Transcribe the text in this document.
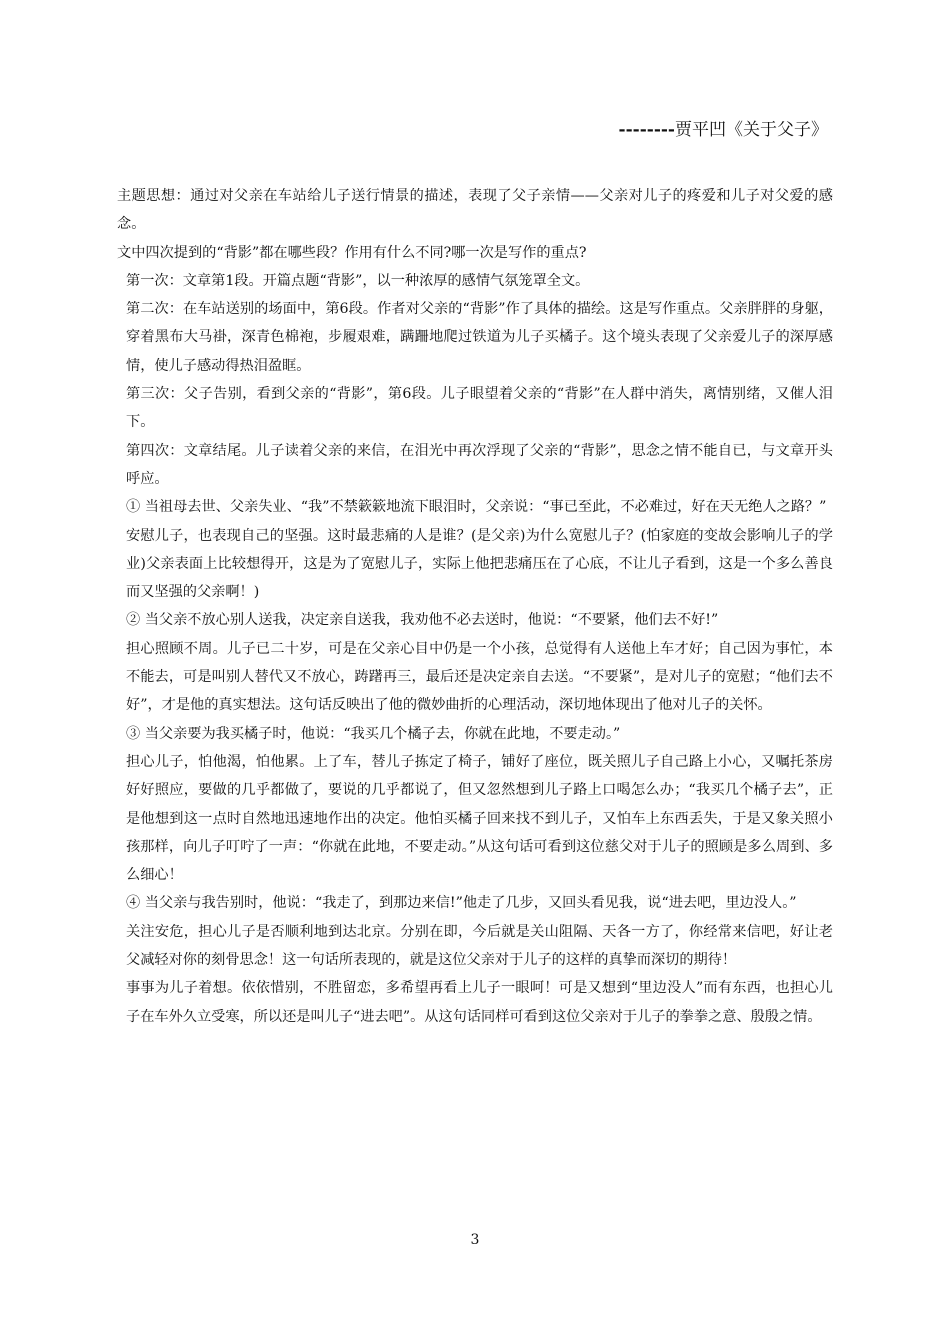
--------贾平凹《关于父子》

主题思想：通过对父亲在车站给儿子送行情景的描述，表现了父子亲情——父亲对儿子的疼爱和儿子对父爱的感念。

文中四次提到的“背影”都在哪些段？作用有什么不同?哪一次是写作的重点?

第一次：文章第1段。开篇点题“背影”，以一种浓厚的感情气氛笼罩全文。

第二次：在车站送别的场面中，第6段。作者对父亲的“背影”作了具体的描绘。这是写作重点。父亲胖胖的身躯，穿着黑布大马褂，深青色棉袍，步履艰难，蹒跚地爬过铁道为儿子买橘子。这个境头表现了父亲爱儿子的深厚感情，使儿子感动得热泪盈眶。

第三次：父子告别，看到父亲的“背影”，第6段。儿子眼望着父亲的“背影”在人群中消失，离情别绪，又催人泪下。

第四次：文章结尾。儿子读着父亲的来信，在泪光中再次浮现了父亲的“背影”，思念之情不能自已，与文章开头呼应。

① 当祖母去世、父亲失业、“我”不禁簌簌地流下眼泪时，父亲说：“事已至此，不必难过，好在天无绝人之路？”

安慰儿子，也表现自己的坚强。这时最悲痛的人是谁？(是父亲)为什么宽慰儿子？(怕家庭的变故会影响儿子的学业)父亲表面上比较想得开，这是为了宽慰儿子，实际上他把悲痛压在了心底，不让儿子看到，这是一个多么善良而又坚强的父亲啊！)

② 当父亲不放心别人送我，决定亲自送我，我劝他不必去送时，他说：“不要紧，他们去不好!”

担心照顾不周。儿子已二十岁，可是在父亲心目中仍是一个小孩，总觉得有人送他上车才好；自己因为事忙，本不能去，可是叫别人替代又不放心，踌躇再三，最后还是决定亲自去送。“不要紧”，是对儿子的宽慰；“他们去不好”，才是他的真实想法。这句话反映出了他的微妙曲折的心理活动，深切地体现出了他对儿子的关怀。

③ 当父亲要为我买橘子时，他说：“我买几个橘子去，你就在此地，不要走动。”

担心儿子，怕他渴，怕他累。上了车，替儿子拣定了椅子，铺好了座位，既关照儿子自己路上小心，又嘱托茶房好好照应，要做的几乎都做了，要说的几乎都说了，但又忽然想到儿子路上口喝怎么办；“我买几个橘子去”，正是他想到这一点时自然地迅速地作出的决定。他怕买橘子回来找不到儿子，又怕车上东西丢失，于是又象关照小孩那样，向儿子叮咛了一声：“你就在此地，不要走动。”从这句话可看到这位慈父对于儿子的照顾是多么周到、多么细心！

④ 当父亲与我告别时，他说：“我走了，到那边来信!”他走了几步，又回头看见我，说“进去吧，里边没人。”

关注安危，担心儿子是否顺利地到达北京。分别在即，今后就是关山阻隔、天各一方了，你经常来信吧，好让老父减轻对你的刻骨思念！这一句话所表现的，就是这位父亲对于儿子的这样的真挚而深切的期待！

事事为儿子着想。依依惜别，不胜留恋，多希望再看上儿子一眼呵！可是又想到“里边没人”而有东西，也担心儿子在车外久立受寒，所以还是叫儿子“进去吧”。从这句话同样可看到这位父亲对于儿子的拳拳之意、殷殷之情。

3
